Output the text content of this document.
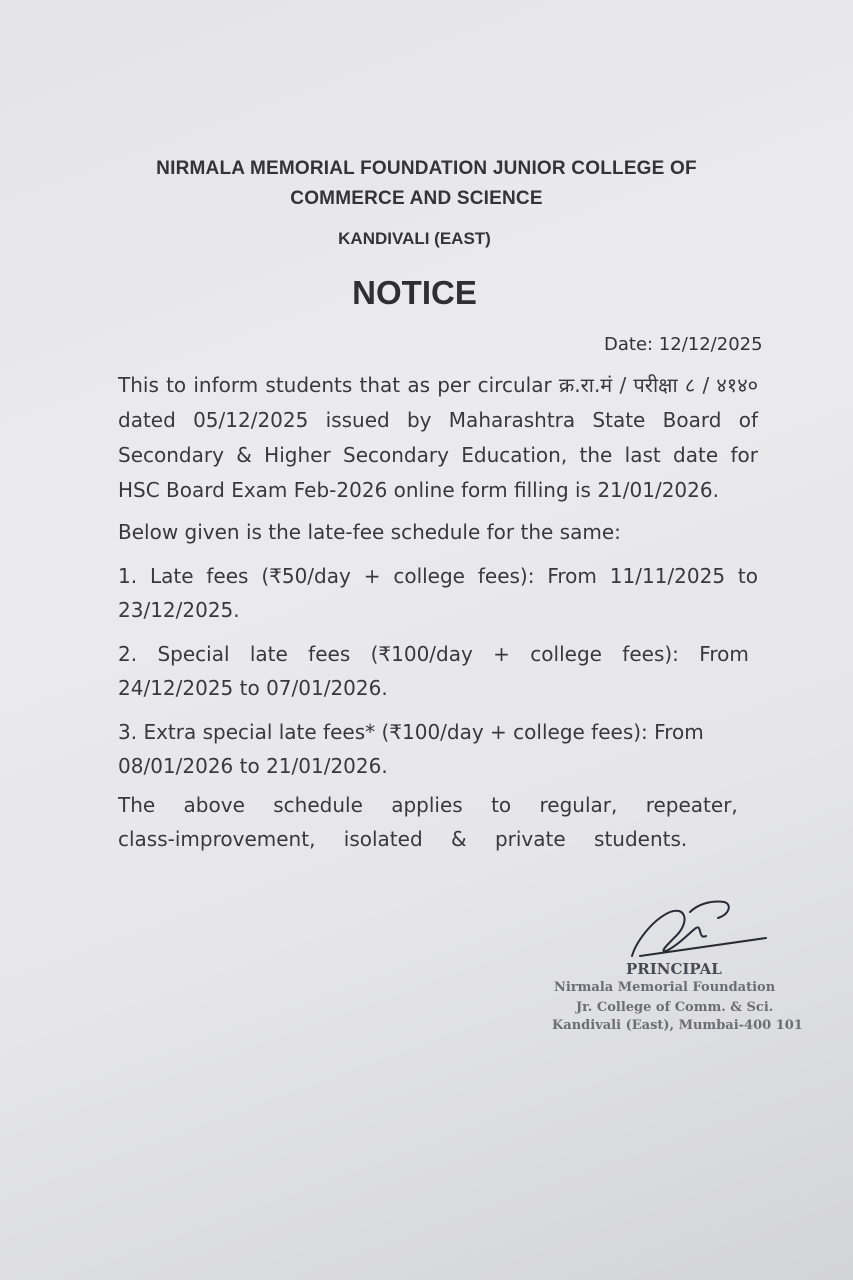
NIRMALA MEMORIAL FOUNDATION JUNIOR COLLEGE OF
COMMERCE AND SCIENCE
KANDIVALI (EAST)
NOTICE
Date: 12/12/2025
This to inform students that as per circular क्र.रा.मं / परीक्षा ८ / ४१४० dated 05/12/2025 issued by Maharashtra State Board of Secondary & Higher Secondary Education, the last date for HSC Board Exam Feb-2026 online form filling is 21/01/2026.
Below given is the late-fee schedule for the same:
1. Late fees (₹50/day + college fees): From 11/11/2025 to 23/12/2025.
2. Special late fees (₹100/day + college fees): From
24/12/2025 to 07/01/2026.
3. Extra special late fees* (₹100/day + college fees): From
08/01/2026 to 21/01/2026.
The above schedule applies to regular, repeater,
class-improvement, isolated & private students.
PRINCIPAL
Nirmala Memorial Foundation
Jr. College of Comm. & Sci.
Kandivali (East), Mumbai-400 101
